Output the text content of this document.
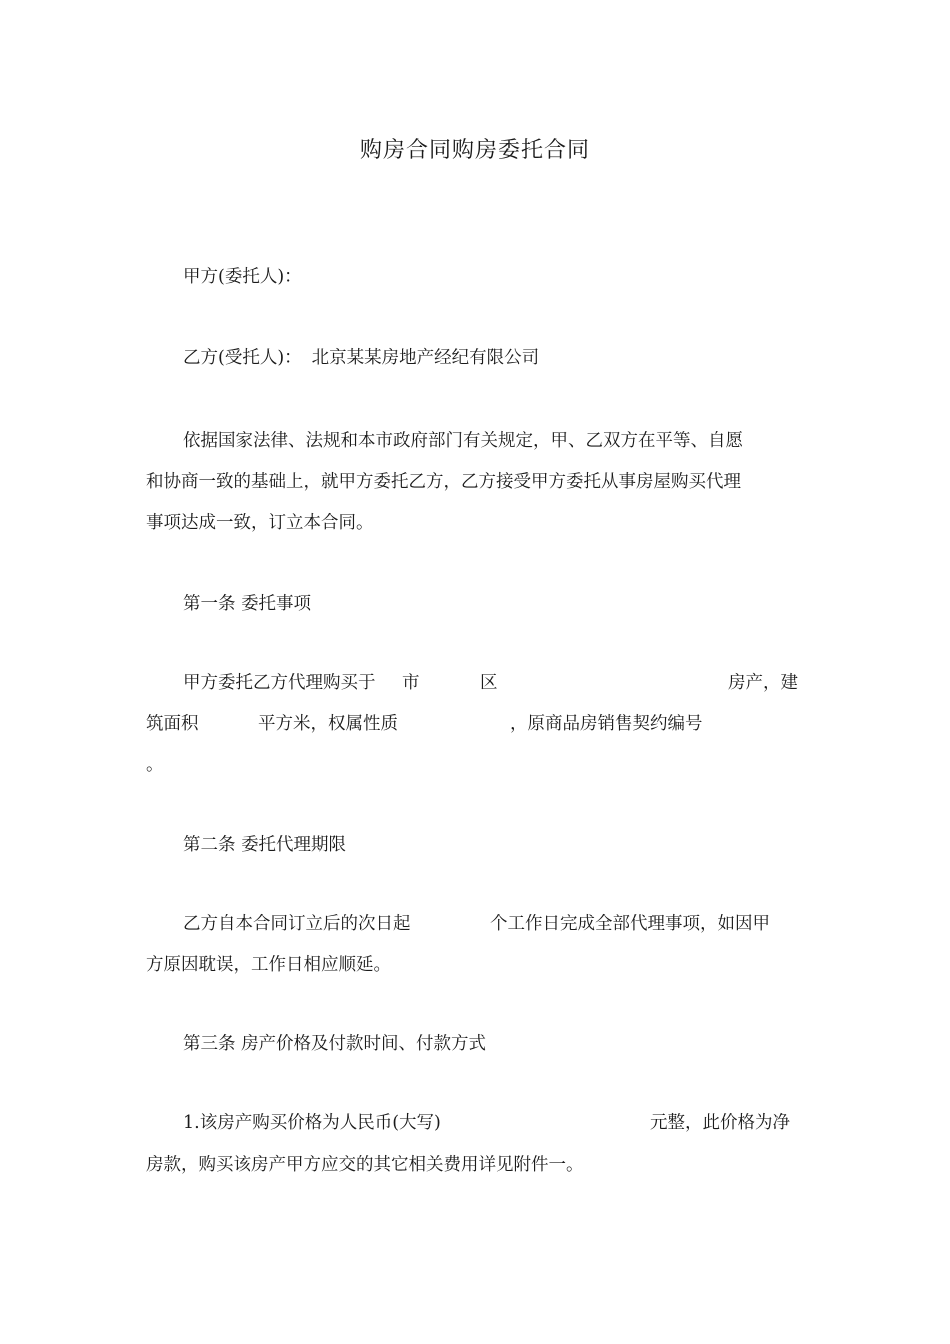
购房合同购房委托合同
甲方(委托人)：
乙方(受托人)： 北京某某房地产经纪有限公司
依据国家法律、法规和本市政府部门有关规定，甲、乙双方在平等、自愿
和协商一致的基础上，就甲方委托乙方，乙方接受甲方委托从事房屋购买代理
事项达成一致，订立本合同。
第一条 委托事项
甲方委托乙方代理购买于 市	区	房产，建
筑面积	平方米，权属性质	，原商品房销售契约编号
。
第二条 委托代理期限
乙方自本合同订立后的次日起	个工作日完成全部代理事项，如因甲
方原因耽误，工作日相应顺延。
第三条 房产价格及付款时间、付款方式
1.该房产购买价格为人民币(大写)	元整，此价格为净
房款，购买该房产甲方应交的其它相关费用详见附件一。
